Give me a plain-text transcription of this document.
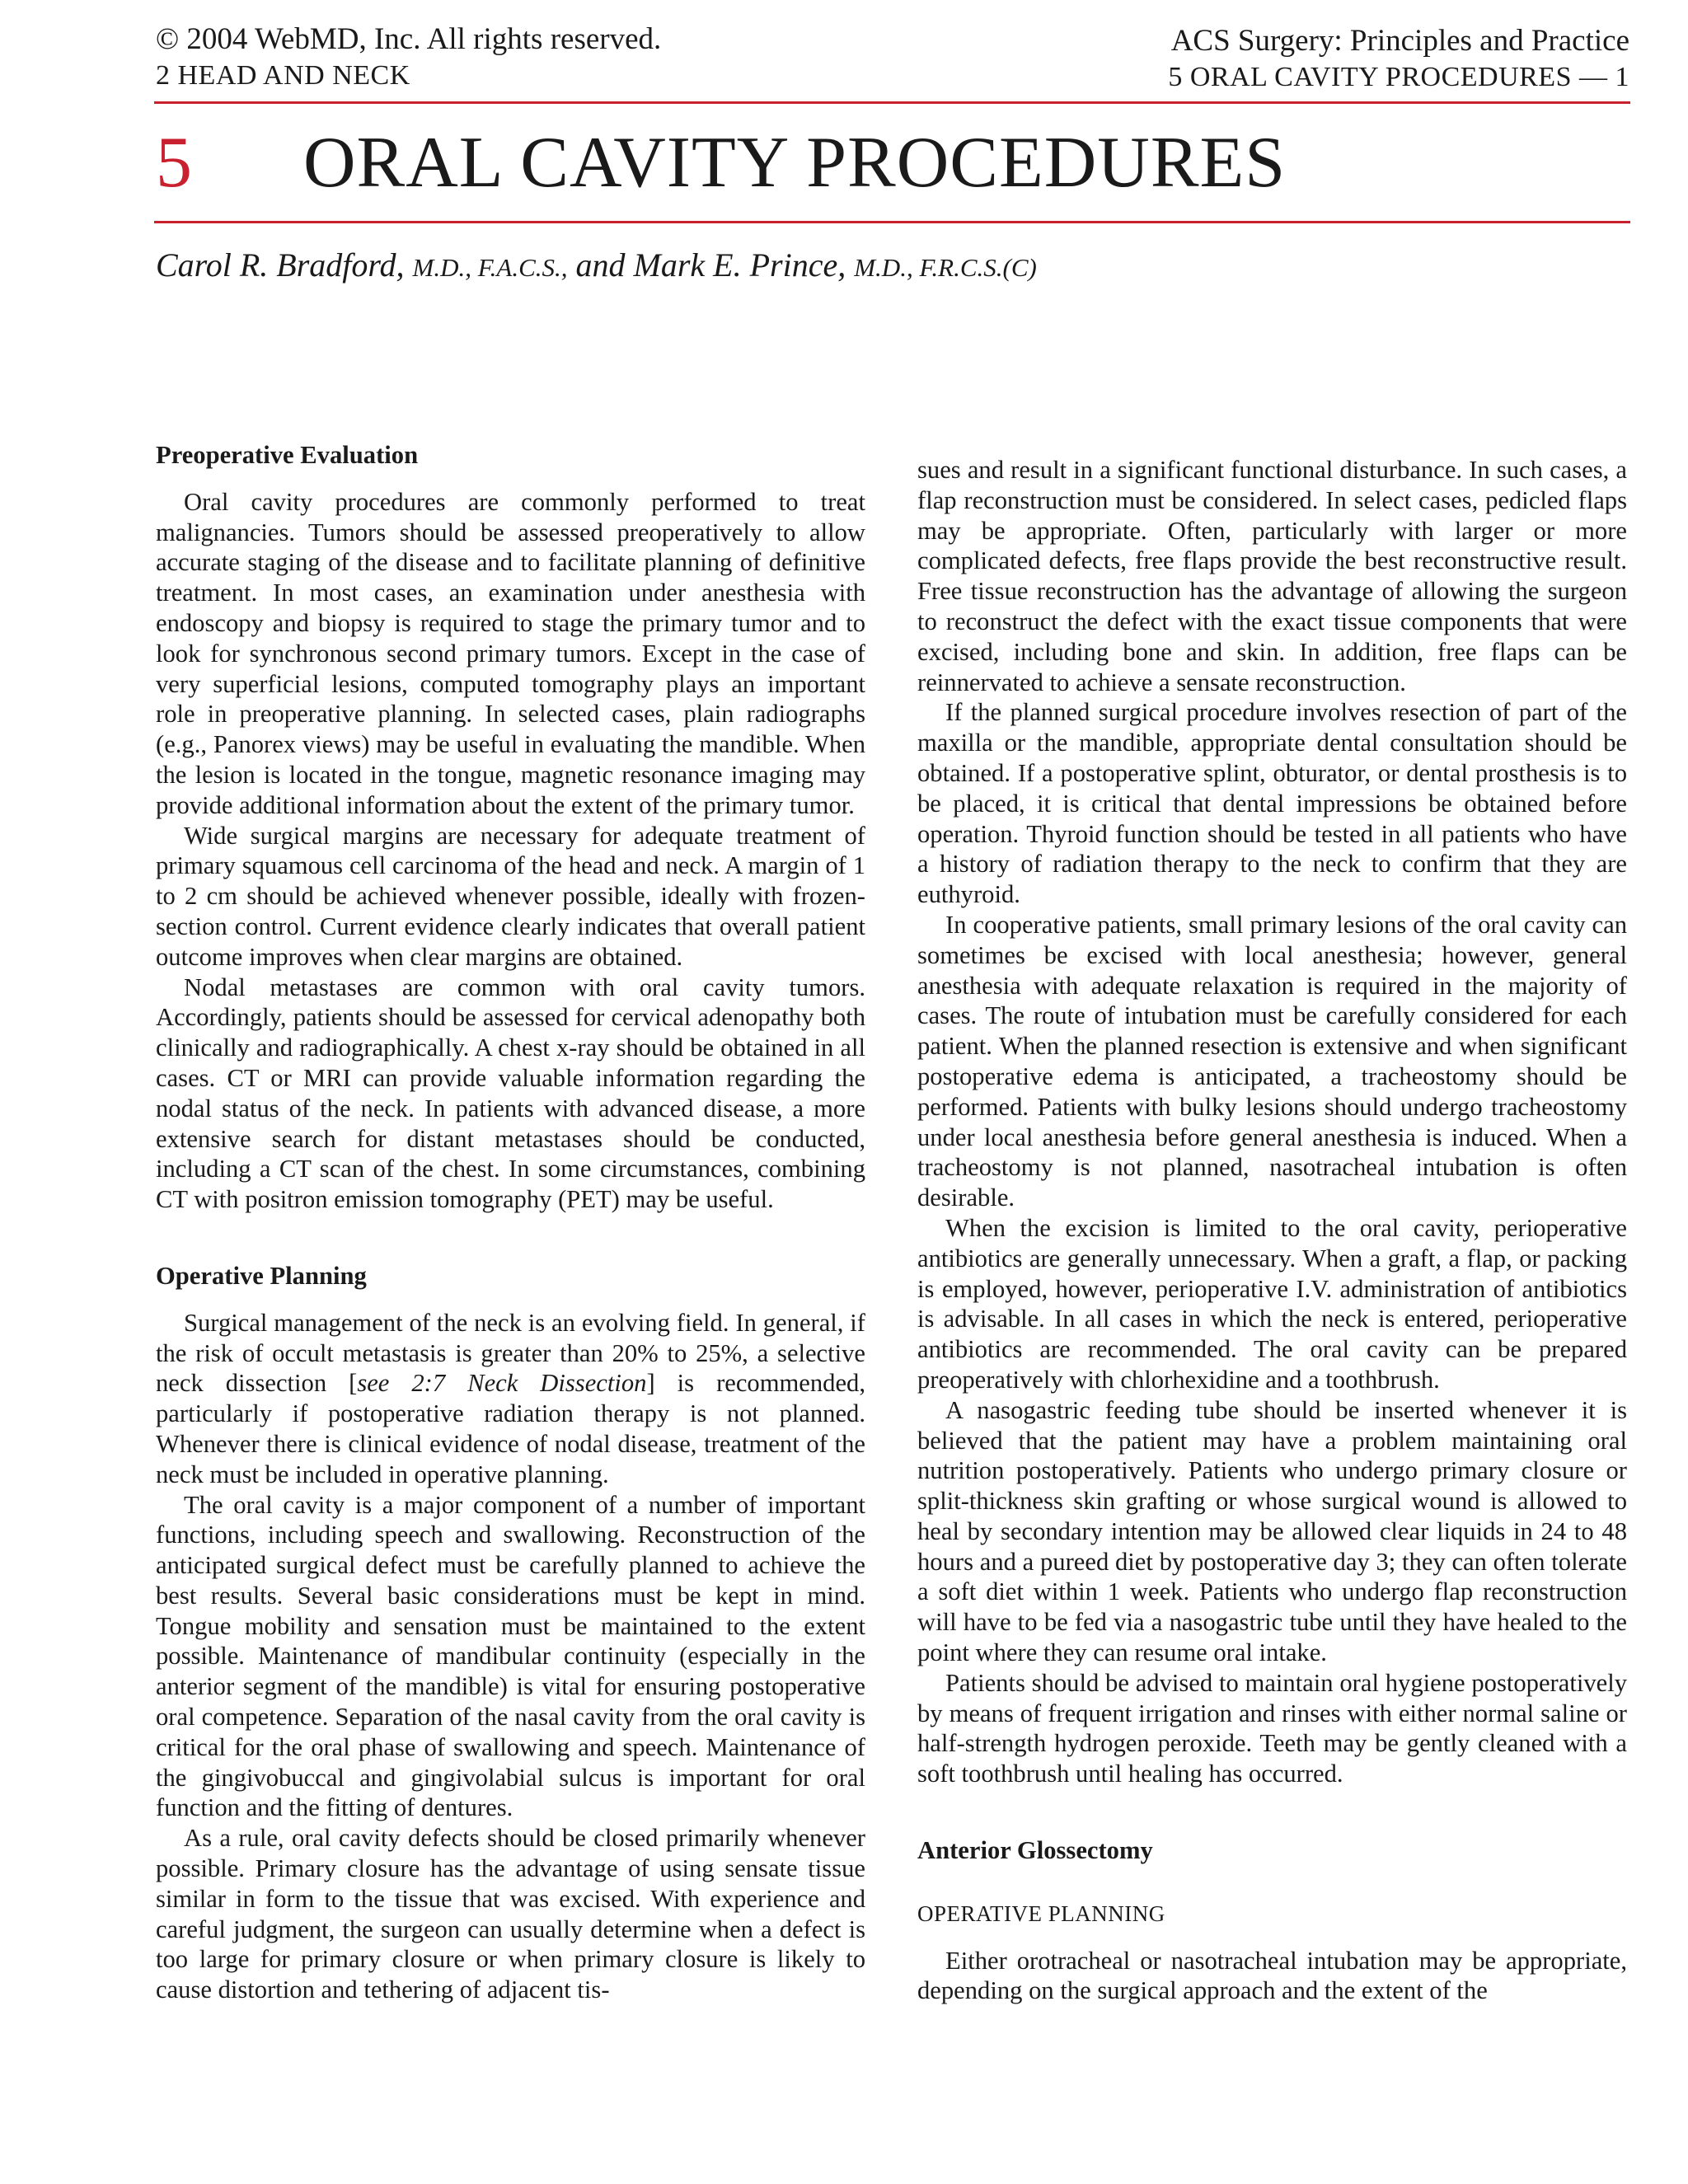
© 2004 WebMD, Inc. All rights reserved.
2 HEAD AND NECK
ACS Surgery: Principles and Practice
5 ORAL CAVITY PROCEDURES — 1
5 ORAL CAVITY PROCEDURES
Carol R. Bradford, M.D., F.A.C.S., and Mark E. Prince, M.D., F.R.C.S.(C)
Preoperative Evaluation

Oral cavity procedures are commonly performed to treat malignancies. Tumors should be assessed preoperatively to allow accurate staging of the disease and to facilitate planning of definitive treatment. In most cases, an examination under anesthesia with endoscopy and biopsy is required to stage the primary tumor and to look for synchronous second primary tumors. Except in the case of very superficial lesions, computed tomography plays an important role in preoperative planning. In selected cases, plain radiographs (e.g., Panorex views) may be useful in evaluating the mandible. When the lesion is located in the tongue, magnetic resonance imaging may provide additional information about the extent of the primary tumor.

Wide surgical margins are necessary for adequate treatment of primary squamous cell carcinoma of the head and neck. A margin of 1 to 2 cm should be achieved whenever possible, ideally with frozen-section control. Current evidence clearly indicates that overall patient outcome improves when clear margins are obtained.

Nodal metastases are common with oral cavity tumors. Accordingly, patients should be assessed for cervical adenopathy both clinically and radiographically. A chest x-ray should be obtained in all cases. CT or MRI can provide valuable information regarding the nodal status of the neck. In patients with advanced disease, a more extensive search for distant metastases should be conducted, including a CT scan of the chest. In some circumstances, combining CT with positron emission tomography (PET) may be useful.

Operative Planning

Surgical management of the neck is an evolving field. In general, if the risk of occult metastasis is greater than 20% to 25%, a selective neck dissection [see 2:7 Neck Dissection] is recommended, particularly if postoperative radiation therapy is not planned. Whenever there is clinical evidence of nodal disease, treatment of the neck must be included in operative planning.

The oral cavity is a major component of a number of important functions, including speech and swallowing. Reconstruction of the anticipated surgical defect must be carefully planned to achieve the best results. Several basic considerations must be kept in mind. Tongue mobility and sensation must be maintained to the extent possible. Maintenance of mandibular continuity (especially in the anterior segment of the mandible) is vital for ensuring postoperative oral competence. Separation of the nasal cavity from the oral cavity is critical for the oral phase of swallowing and speech. Maintenance of the gingivobuccal and gingivolabial sulcus is important for oral function and the fitting of dentures.

As a rule, oral cavity defects should be closed primarily whenever possible. Primary closure has the advantage of using sensate tissue similar in form to the tissue that was excised. With experience and careful judgment, the surgeon can usually determine when a defect is too large for primary closure or when primary closure is likely to cause distortion and tethering of adjacent tis-

sues and result in a significant functional disturbance. In such cases, a flap reconstruction must be considered. In select cases, pedicled flaps may be appropriate. Often, particularly with larger or more complicated defects, free flaps provide the best reconstructive result. Free tissue reconstruction has the advantage of allowing the surgeon to reconstruct the defect with the exact tissue components that were excised, including bone and skin. In addition, free flaps can be reinnervated to achieve a sensate reconstruction.

If the planned surgical procedure involves resection of part of the maxilla or the mandible, appropriate dental consultation should be obtained. If a postoperative splint, obturator, or dental prosthesis is to be placed, it is critical that dental impressions be obtained before operation. Thyroid function should be tested in all patients who have a history of radiation therapy to the neck to confirm that they are euthyroid.

In cooperative patients, small primary lesions of the oral cavity can sometimes be excised with local anesthesia; however, general anesthesia with adequate relaxation is required in the majority of cases. The route of intubation must be carefully considered for each patient. When the planned resection is extensive and when significant postoperative edema is anticipated, a tracheostomy should be performed. Patients with bulky lesions should undergo tracheostomy under local anesthesia before general anesthesia is induced. When a tracheostomy is not planned, nasotracheal intubation is often desirable.

When the excision is limited to the oral cavity, perioperative antibiotics are generally unnecessary. When a graft, a flap, or packing is employed, however, perioperative I.V. administration of antibiotics is advisable. In all cases in which the neck is entered, perioperative antibiotics are recommended. The oral cavity can be prepared preoperatively with chlorhexidine and a toothbrush.

A nasogastric feeding tube should be inserted whenever it is believed that the patient may have a problem maintaining oral nutrition postoperatively. Patients who undergo primary closure or split-thickness skin grafting or whose surgical wound is allowed to heal by secondary intention may be allowed clear liquids in 24 to 48 hours and a pureed diet by postoperative day 3; they can often tolerate a soft diet within 1 week. Patients who undergo flap reconstruction will have to be fed via a nasogastric tube until they have healed to the point where they can resume oral intake.

Patients should be advised to maintain oral hygiene postoperatively by means of frequent irrigation and rinses with either normal saline or half-strength hydrogen peroxide. Teeth may be gently cleaned with a soft toothbrush until healing has occurred.

Anterior Glossectomy
OPERATIVE PLANNING

Either orotracheal or nasotracheal intubation may be appropriate, depending on the surgical approach and the extent of the
